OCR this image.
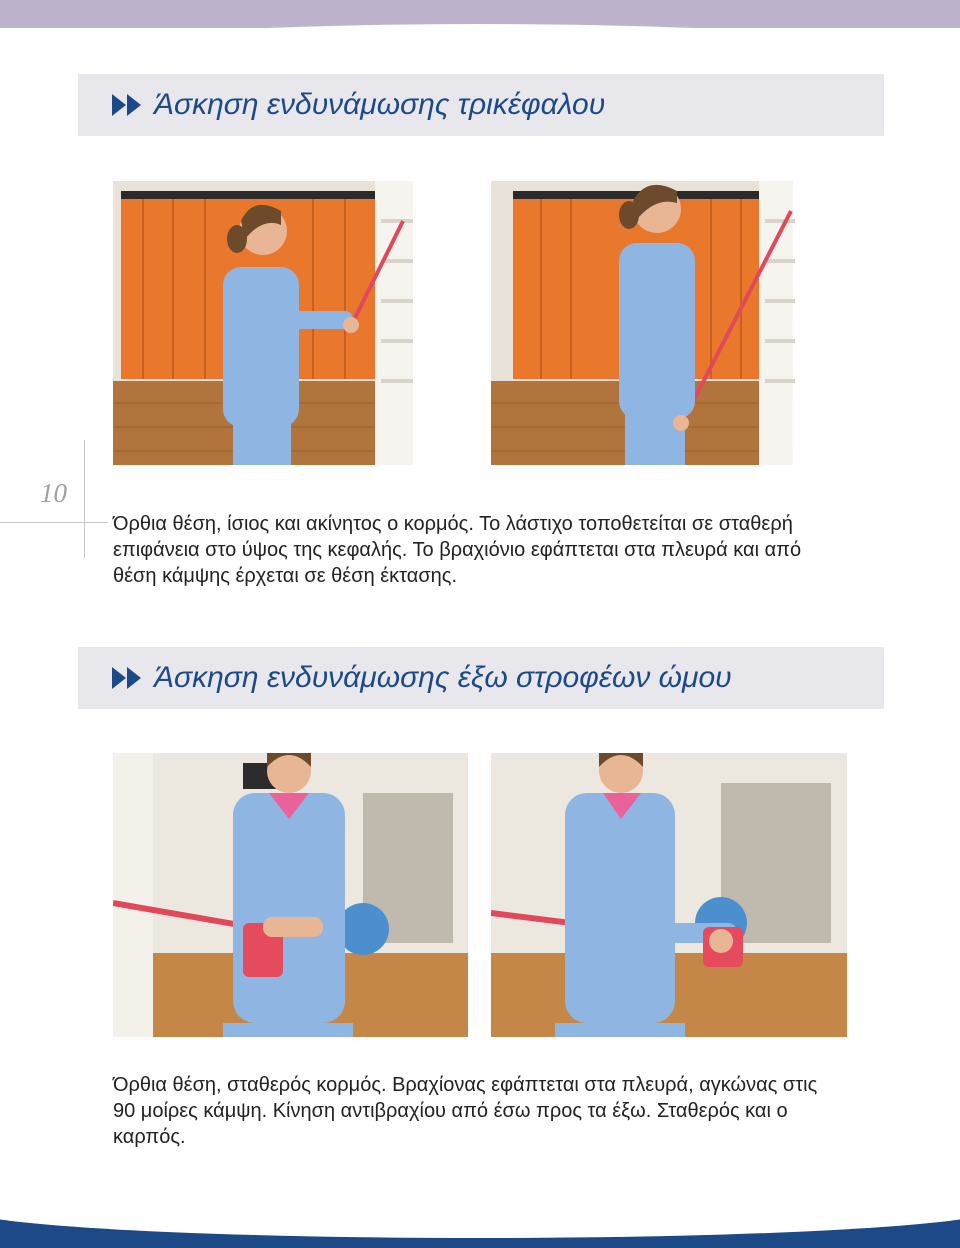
Άσκηση ενδυνάμωσης τρικέφαλου
10

Όρθια θέση, ίσιος και ακίνητος ο κορμός. Το λάστιχο τοποθετείται σε σταθερή επιφάνεια στο ύψος της κεφαλής. Το βραχιόνιο εφάπτεται στα πλευρά και από θέση κάμψης έρχεται σε θέση έκτασης.

Άσκηση ενδυνάμωσης έξω στροφέων ώμου

Όρθια θέση, σταθερός κορμός. Βραχίονας εφάπτεται στα πλευρά, αγκώνας στις 90 μοίρες κάμψη. Κίνηση αντιβραχίου από έσω προς τα έξω. Σταθερός και ο καρπός.
